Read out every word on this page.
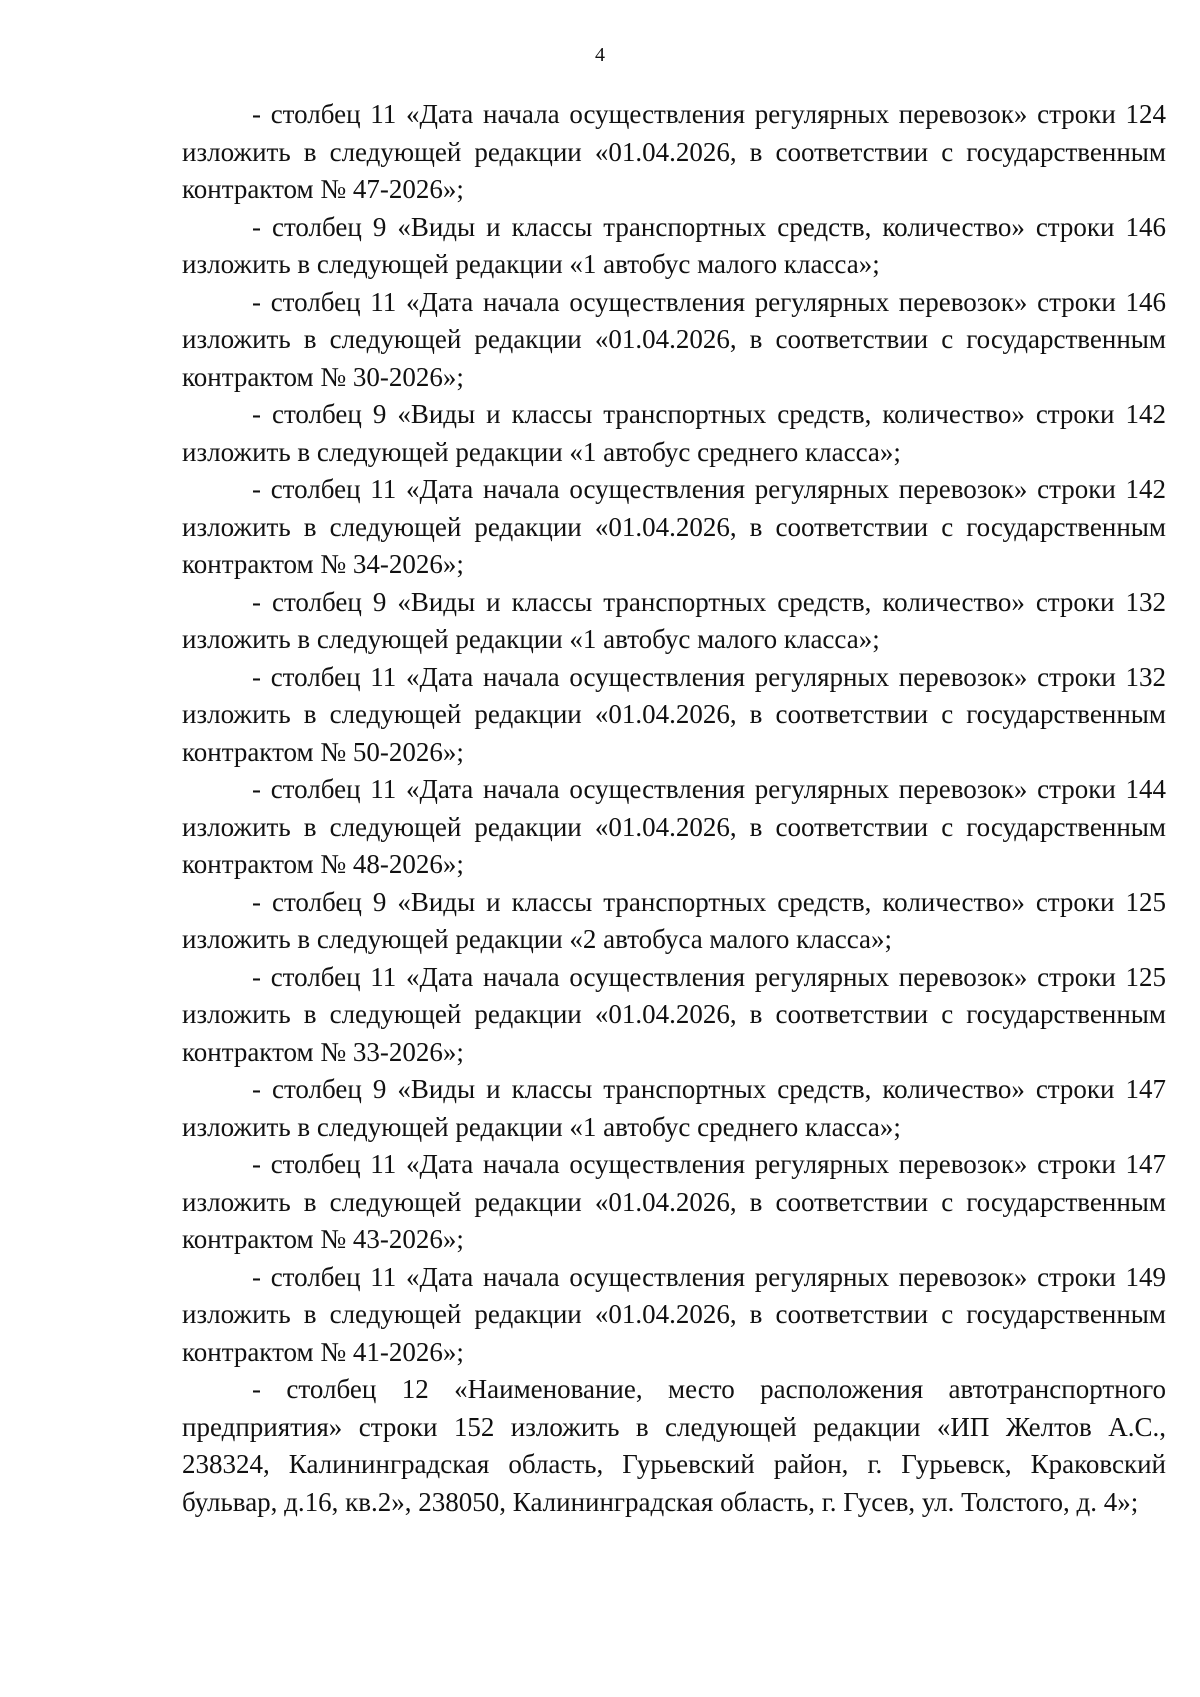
4

- столбец 11 «Дата начала осуществления регулярных перевозок» строки 124 изложить в следующей редакции «01.04.2026, в соответствии с государственным контрактом № 47-2026»;

- столбец 9 «Виды и классы транспортных средств, количество» строки 146 изложить в следующей редакции «1 автобус малого класса»;

- столбец 11 «Дата начала осуществления регулярных перевозок» строки 146 изложить в следующей редакции «01.04.2026, в соответствии с государственным контрактом № 30-2026»;

- столбец 9 «Виды и классы транспортных средств, количество» строки 142 изложить в следующей редакции «1 автобус среднего класса»;

- столбец 11 «Дата начала осуществления регулярных перевозок» строки 142 изложить в следующей редакции «01.04.2026, в соответствии с государственным контрактом № 34-2026»;

- столбец 9 «Виды и классы транспортных средств, количество» строки 132 изложить в следующей редакции «1 автобус малого класса»;

- столбец 11 «Дата начала осуществления регулярных перевозок» строки 132 изложить в следующей редакции «01.04.2026, в соответствии с государственным контрактом № 50-2026»;

- столбец 11 «Дата начала осуществления регулярных перевозок» строки 144 изложить в следующей редакции «01.04.2026, в соответствии с государственным контрактом № 48-2026»;

- столбец 9 «Виды и классы транспортных средств, количество» строки 125 изложить в следующей редакции «2 автобуса малого класса»;

- столбец 11 «Дата начала осуществления регулярных перевозок» строки 125 изложить в следующей редакции «01.04.2026, в соответствии с государственным контрактом № 33-2026»;

- столбец 9 «Виды и классы транспортных средств, количество» строки 147 изложить в следующей редакции «1 автобус среднего класса»;

- столбец 11 «Дата начала осуществления регулярных перевозок» строки 147 изложить в следующей редакции «01.04.2026, в соответствии с государственным контрактом № 43-2026»;

- столбец 11 «Дата начала осуществления регулярных перевозок» строки 149 изложить в следующей редакции «01.04.2026, в соответствии с государственным контрактом № 41-2026»;

- столбец 12 «Наименование, место расположения автотранспортного предприятия» строки 152 изложить в следующей редакции «ИП Желтов А.С., 238324, Калининградская область, Гурьевский район, г. Гурьевск, Краковский бульвар, д.16, кв.2», 238050, Калининградская область, г. Гусев, ул. Толстого, д. 4»;
